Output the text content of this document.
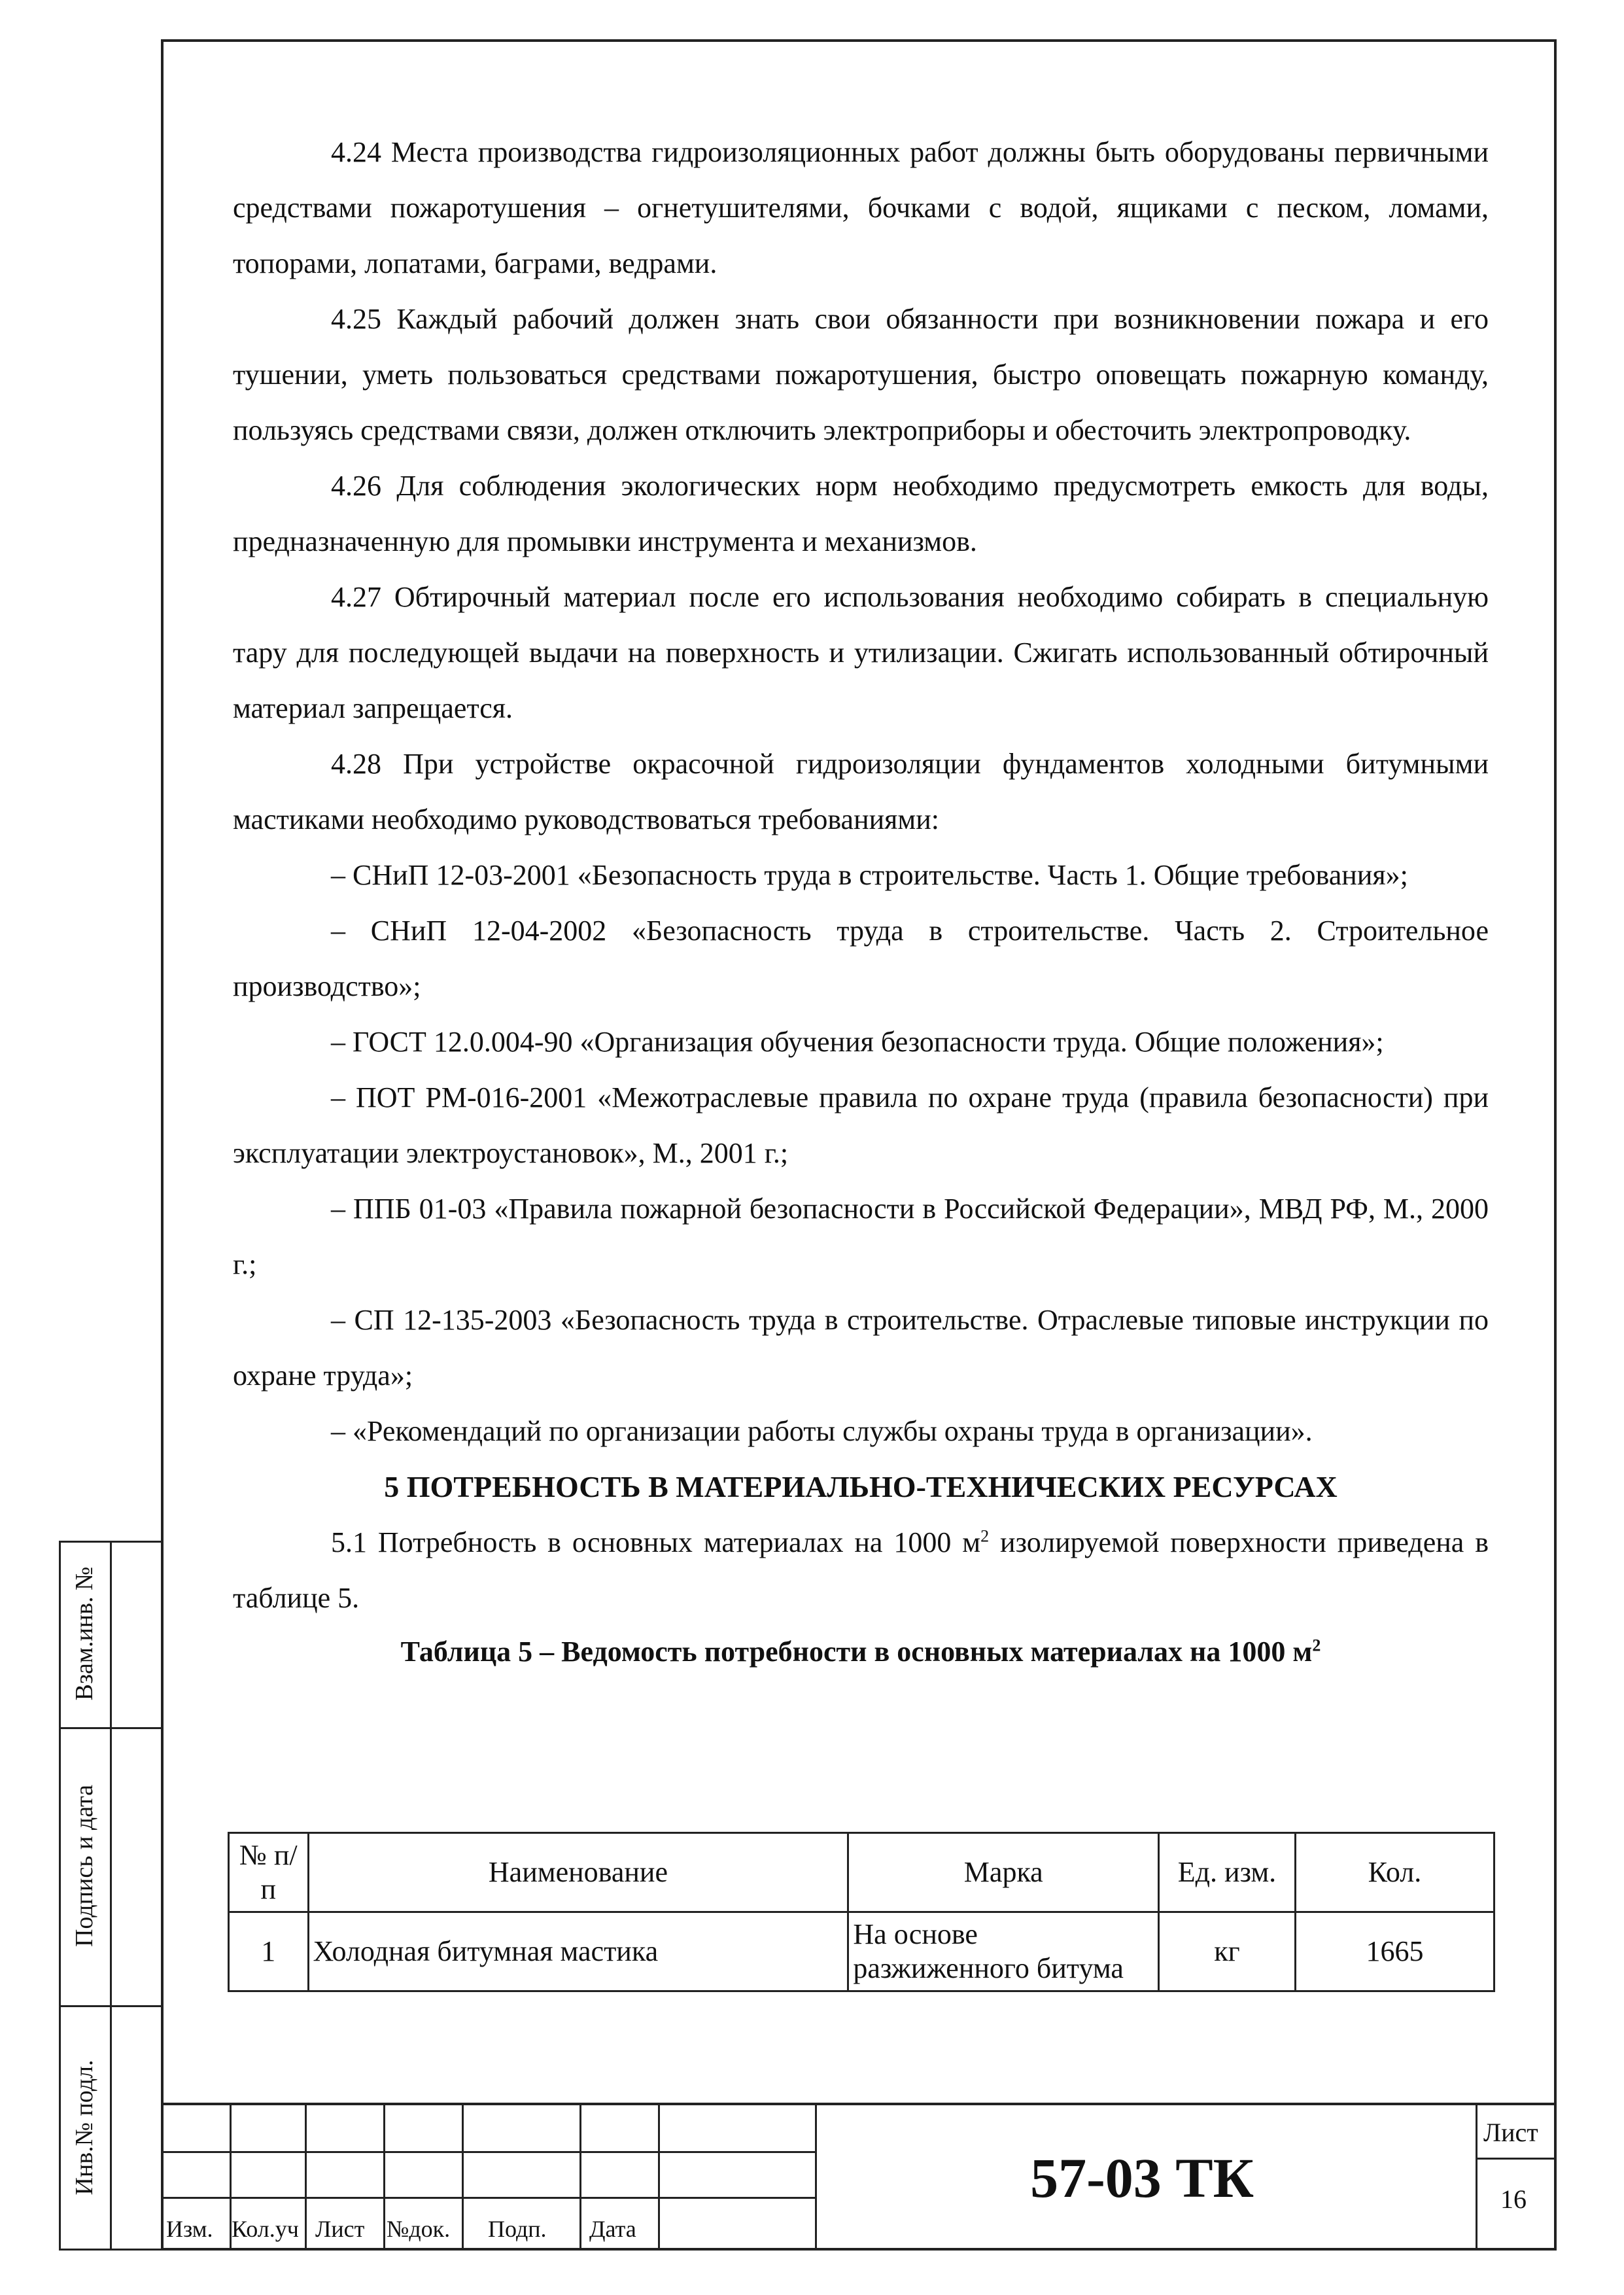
Взам.инв. №
Подпись и дата
Инв.№ подл.

4.24 Места производства гидроизоляционных работ должны быть оборудованы первичными средствами пожаротушения – огнетушителями, бочками с водой, ящиками с песком, ломами, топорами, лопатами, баграми, ведрами.

4.25 Каждый рабочий должен знать свои обязанности при возникновении пожара и его тушении, уметь пользоваться средствами пожаротушения, быстро оповещать пожарную команду, пользуясь средствами связи, должен отключить электроприборы и обесточить электропроводку.

4.26 Для соблюдения экологических норм необходимо предусмотреть емкость для воды, предназначенную для промывки инструмента и механизмов.

4.27 Обтирочный материал после его использования необходимо собирать в специальную тару для последующей выдачи на поверхность и утилизации. Сжигать использованный обтирочный материал запрещается.

4.28 При устройстве окрасочной гидроизоляции фундаментов холодными битумными мастиками необходимо руководствоваться требованиями:

– СНиП 12-03-2001 «Безопасность труда в строительстве. Часть 1. Общие требования»;

– СНиП 12-04-2002 «Безопасность труда в строительстве. Часть 2. Строительное производство»;

– ГОСТ 12.0.004-90 «Организация обучения безопасности труда. Общие положения»;

– ПОТ РМ-016-2001 «Межотраслевые правила по охране труда (правила безопасности) при эксплуатации электроустановок», М., 2001 г.;

– ППБ 01-03 «Правила пожарной безопасности в Российской Федерации», МВД РФ, М., 2000 г.;

– СП 12-135-2003 «Безопасность труда в строительстве. Отраслевые типовые инструкции по охране труда»;

– «Рекомендаций по организации работы службы охраны труда в организации».

5 ПОТРЕБНОСТЬ В МАТЕРИАЛЬНО-ТЕХНИЧЕСКИХ РЕСУРСАХ

5.1 Потребность в основных материалах на 1000 $м^2$ изолируемой поверхности приведена в таблице 5.

Таблица 5 – Ведомость потребности в основных материалах на 1000 $м^2$

№ п/п	Наименование	Марка	Ед. изм.	Кол.
1	Холодная битумная мастика	На основе разжиженного битума	кг	1665
Изм. Кол.уч Лист №док. Подп. Дата
57-03 ТК
Лист
16
